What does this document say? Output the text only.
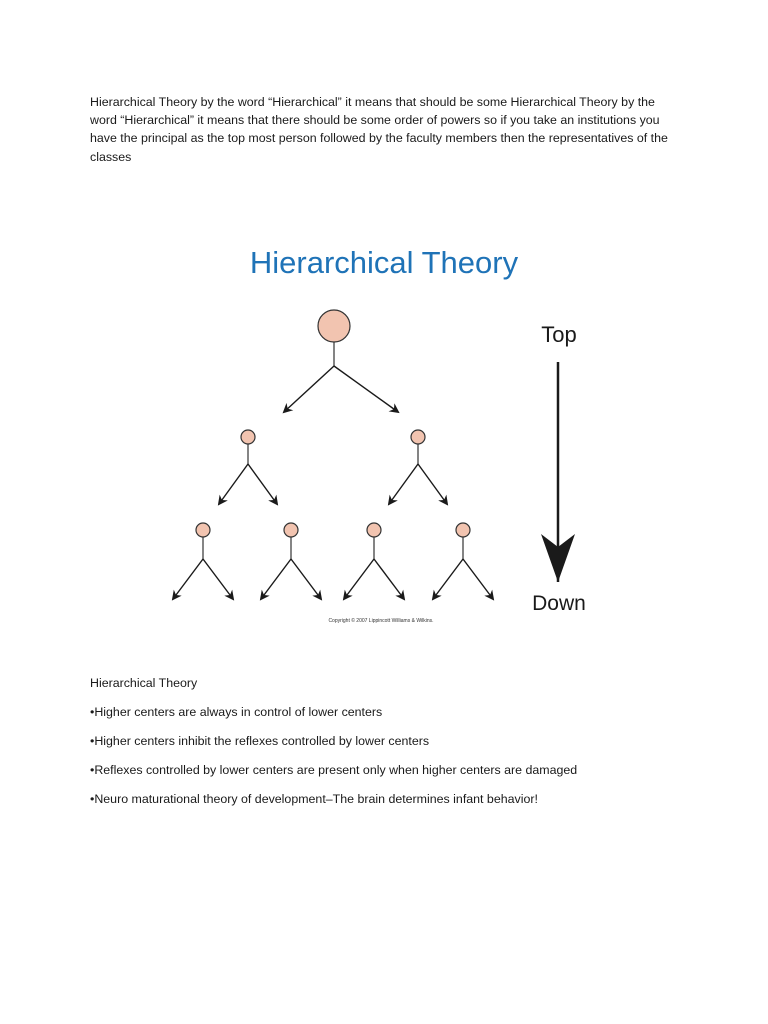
Hierarchical Theory by the word “Hierarchical” it means that should be some Hierarchical Theory by the word “Hierarchical” it means that there should be some order of powers so if you take an institutions you have the principal as the top most person followed by the faculty members then the representatives of the classes

Hierarchical Theory
Top
Down
Copyright © 2007 Lippincott Williams & Wilkins.
Hierarchical Theory
•Higher centers are always in control of lower centers
•Higher centers inhibit the reflexes controlled by lower centers
•Reflexes controlled by lower centers are present only when higher centers are damaged
•Neuro maturational theory of development–The brain determines infant behavior!
